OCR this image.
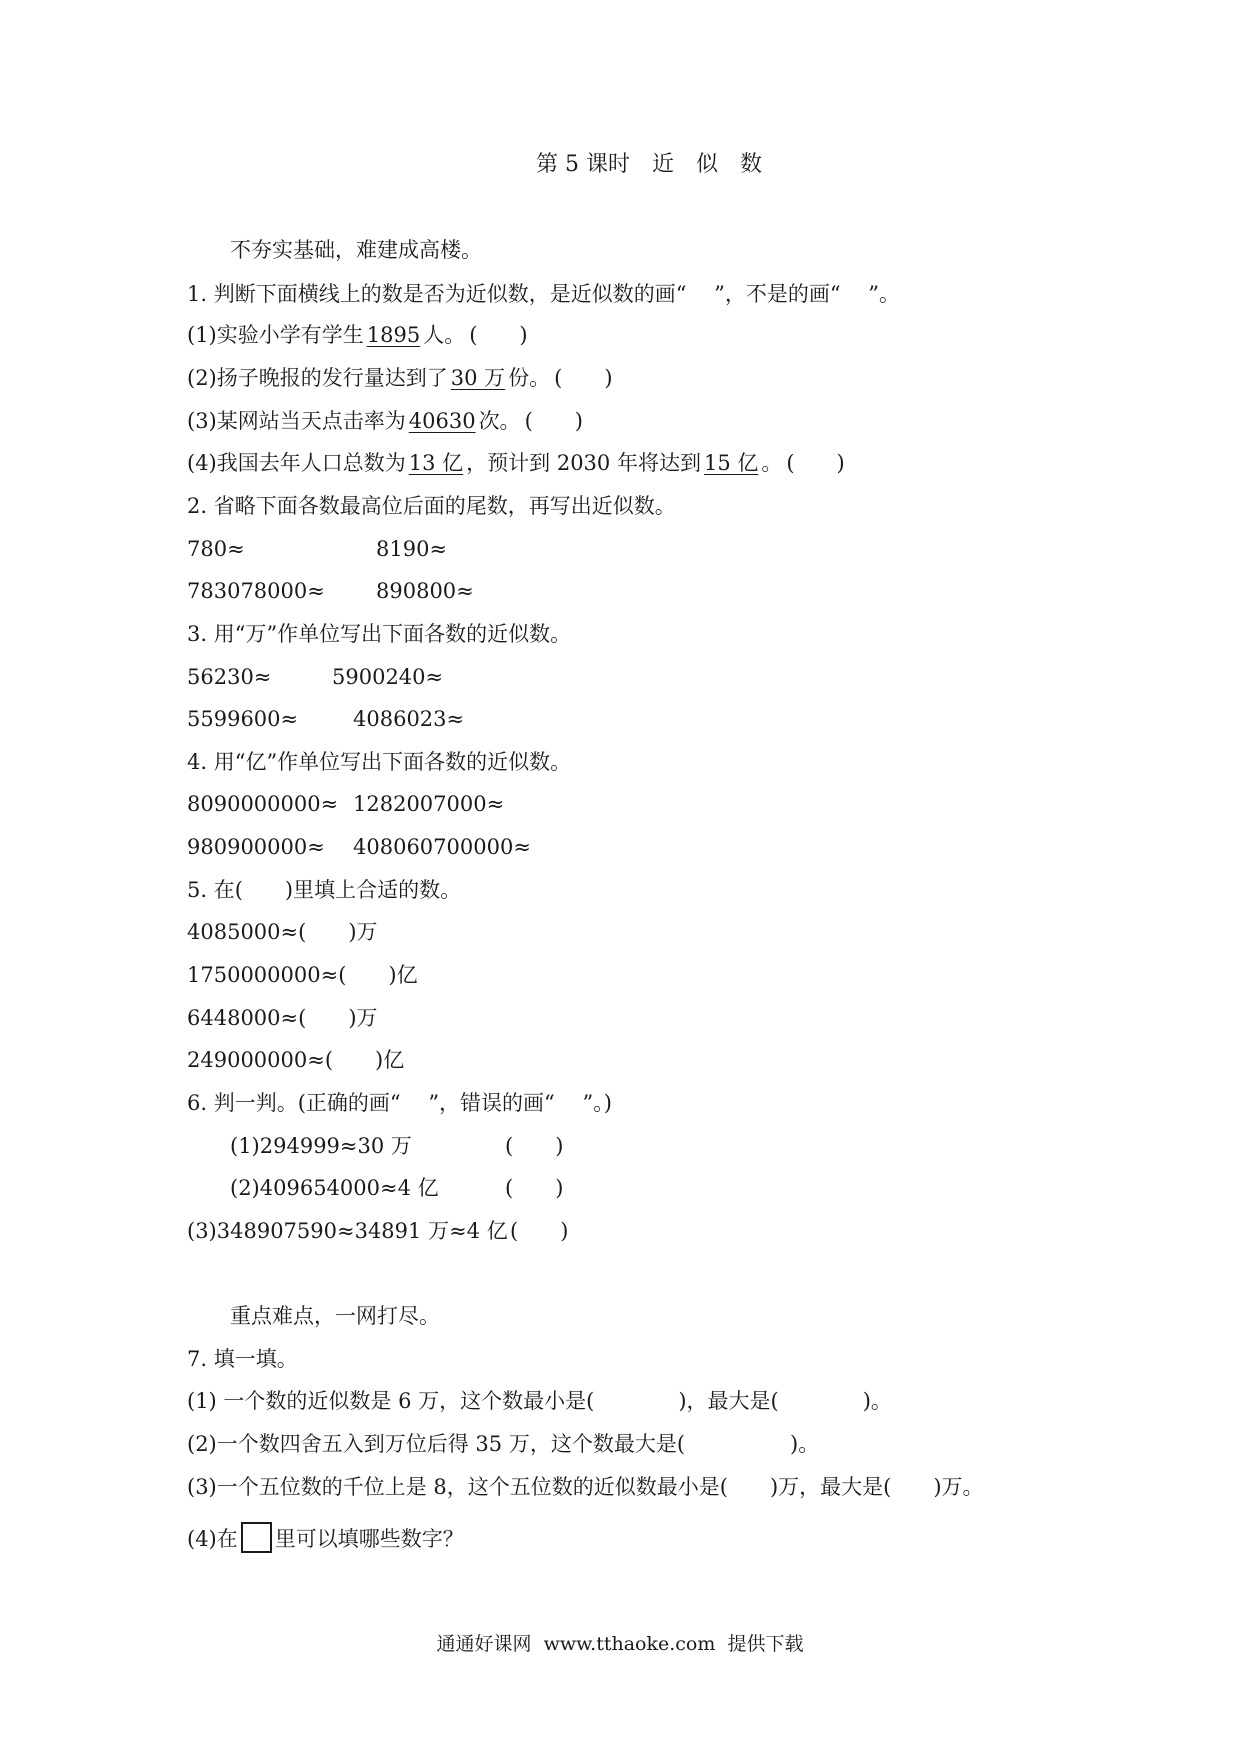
第 5 课时　近　似　数
不夯实基础，难建成高楼。
1. 判断下面横线上的数是否为近似数，是近似数的画“　 ”，不是的画“　 ”。
(1)实验小学有学生 1895 人。 (　　)
(2)扬子晚报的发行量达到了 30 万 份。 (　　)
(3)某网站当天点击率为 40630 次。 (　　)
(4)我国去年人口总数为 13 亿 ，预计到 2030 年将达到 15 亿 。 (　　)
2. 省略下面各数最高位后面的尾数，再写出近似数。
780≈	8190≈
783078000≈ 890800≈
3. 用“万”作单位写出下面各数的近似数。
56230≈	5900240≈
5599600≈	4086023≈
4. 用“亿”作单位写出下面各数的近似数。
8090000000≈ 1282007000≈
980900000≈ 408060700000≈
5. 在(　　)里填上合适的数。
4085000≈(　　)万
1750000000≈(　　)亿
6448000≈(　　)万
249000000≈(　　)亿
6. 判一判。(正确的画“　 ”，错误的画“　 ”。)
(1)294999≈30 万	(　　)
(2)409654000≈4 亿	(　　)
(3)348907590≈34891 万≈4 亿 (　　)
重点难点，一网打尽。
7. 填一填。
(1) 一个数的近似数是 6 万，这个数最小是(　　　　)，最大是(　　　　)。
(2)一个数四舍五入到万位后得 35 万，这个数最大是(　　　　　)。
(3)一个五位数的千位上是 8，这个五位数的近似数最小是(　　)万，最大是(　　)万。
(4)在 里可以填哪些数字？
通通好课网  www.tthaoke.com  提供下载
